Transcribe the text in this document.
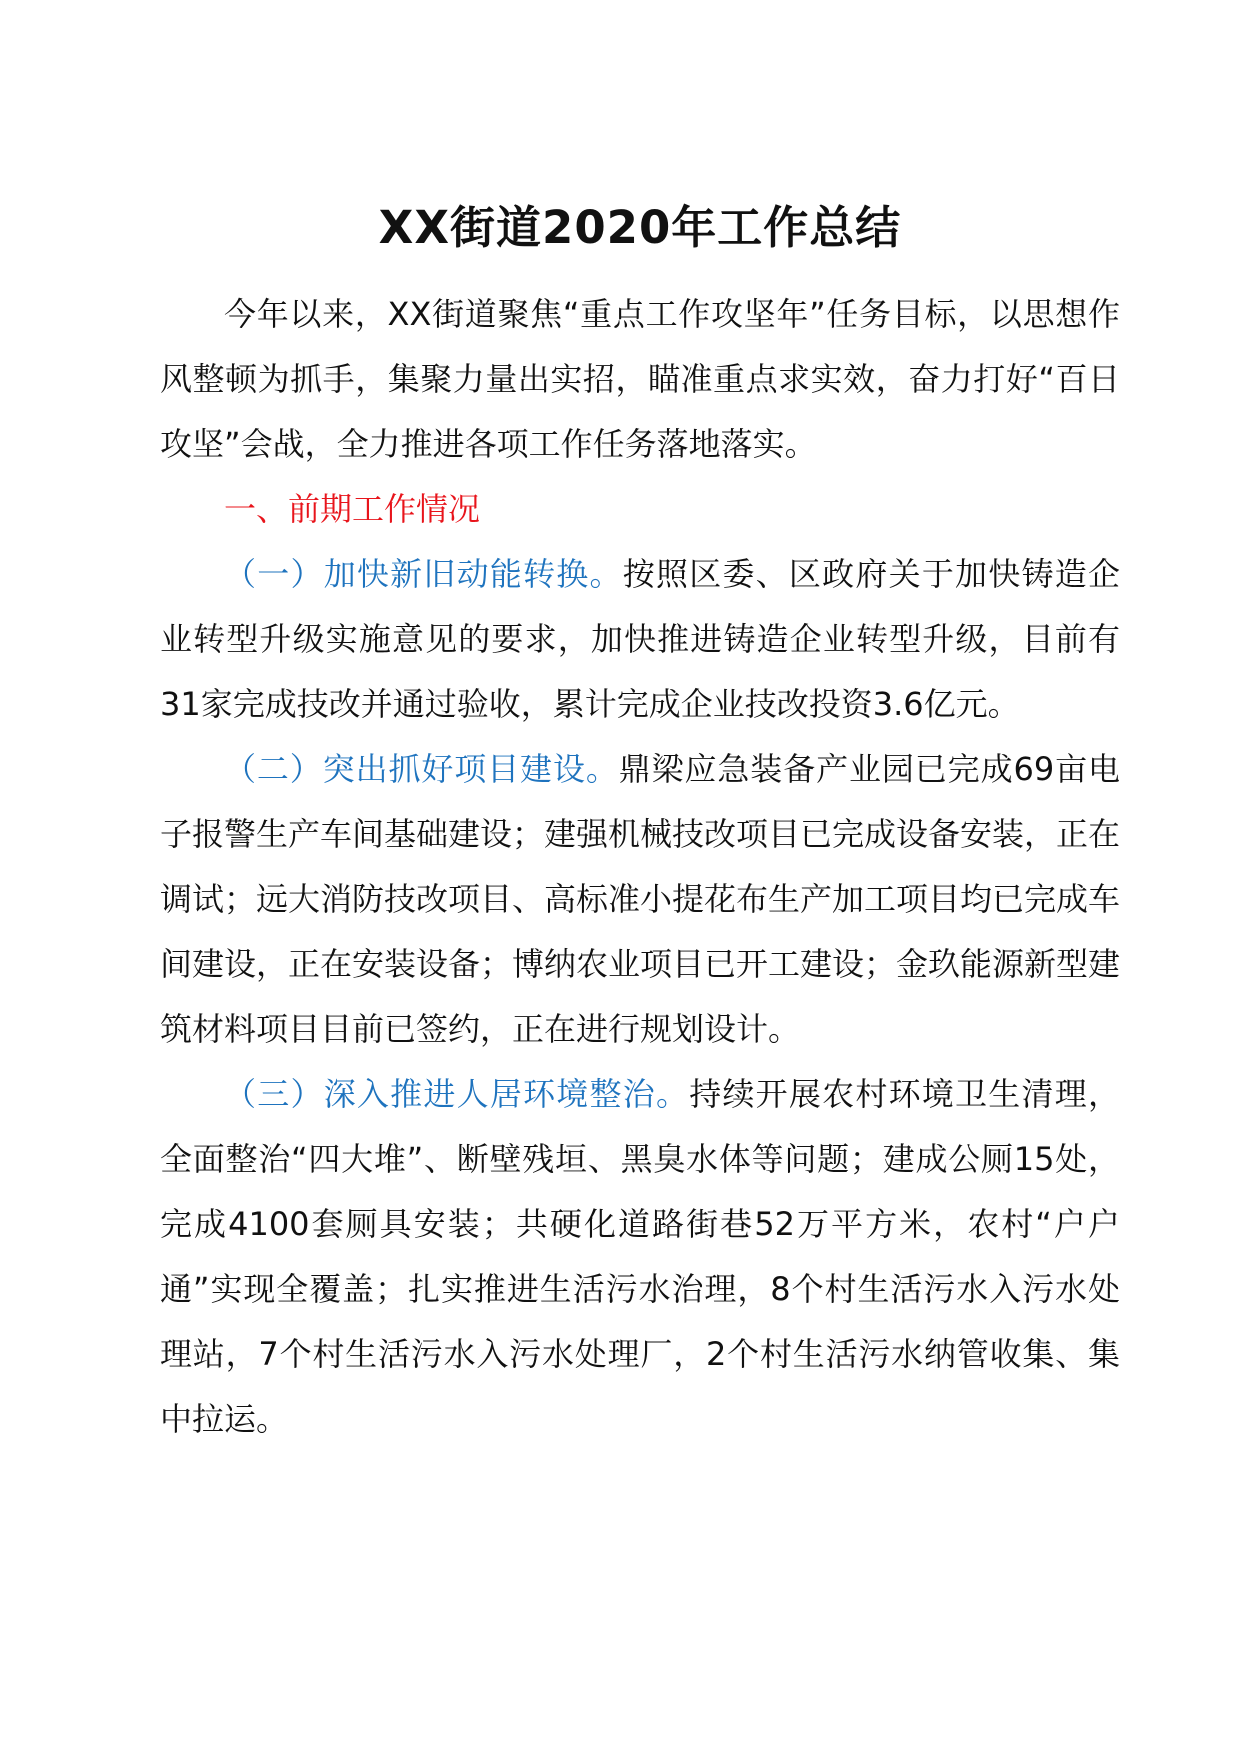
XX街道2020年工作总结

今年以来，XX街道聚焦“重点工作攻坚年”任务目标，以思想作风整顿为抓手，集聚力量出实招，瞄准重点求实效，奋力打好“百日攻坚”会战，全力推进各项工作任务落地落实。

一、前期工作情况

（一）加快新旧动能转换。按照区委、区政府关于加快铸造企业转型升级实施意见的要求，加快推进铸造企业转型升级，目前有31家完成技改并通过验收，累计完成企业技改投资3.6亿元。

（二）突出抓好项目建设。鼎梁应急装备产业园已完成69亩电子报警生产车间基础建设；建强机械技改项目已完成设备安装，正在调试；远大消防技改项目、高标准小提花布生产加工项目均已完成车间建设，正在安装设备；博纳农业项目已开工建设；金玖能源新型建筑材料项目目前已签约，正在进行规划设计。

（三）深入推进人居环境整治。持续开展农村环境卫生清理，全面整治“四大堆”、断壁残垣、黑臭水体等问题；建成公厕15处，完成4100套厕具安装；共硬化道路街巷52万平方米，农村“户户通”实现全覆盖；扎实推进生活污水治理，8个村生活污水入污水处理站，7个村生活污水入污水处理厂，2个村生活污水纳管收集、集中拉运。
